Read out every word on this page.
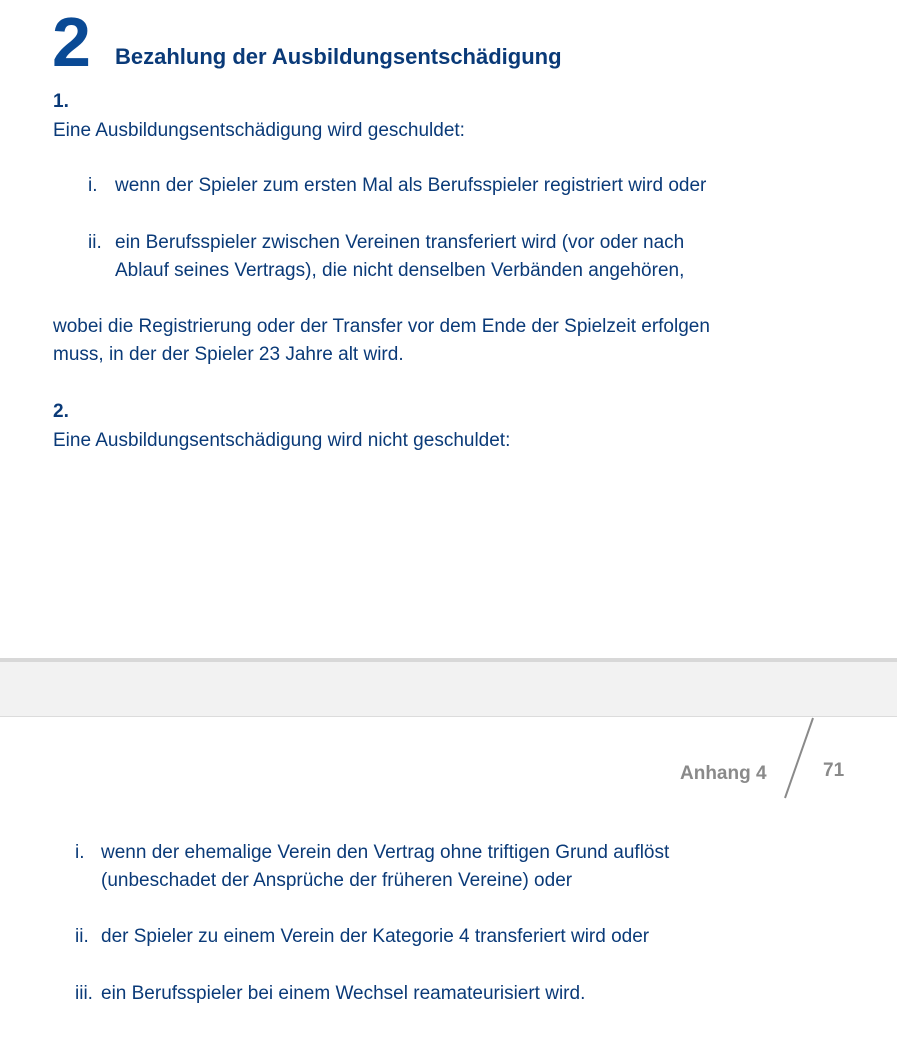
2 Bezahlung der Ausbildungsentschädigung
1.
Eine Ausbildungsentschädigung wird geschuldet:
i. wenn der Spieler zum ersten Mal als Berufsspieler registriert wird oder
ii. ein Berufsspieler zwischen Vereinen transferiert wird (vor oder nach
Ablauf seines Vertrags), die nicht denselben Verbänden angehören,
wobei die Registrierung oder der Transfer vor dem Ende der Spielzeit erfolgen
muss, in der der Spieler 23 Jahre alt wird.
2.
Eine Ausbildungsentschädigung wird nicht geschuldet:
Anhang 4	71
i. wenn der ehemalige Verein den Vertrag ohne triftigen Grund auflöst
(unbeschadet der Ansprüche der früheren Vereine) oder
ii. der Spieler zu einem Verein der Kategorie 4 transferiert wird oder
iii. ein Berufsspieler bei einem Wechsel reamateurisiert wird.
